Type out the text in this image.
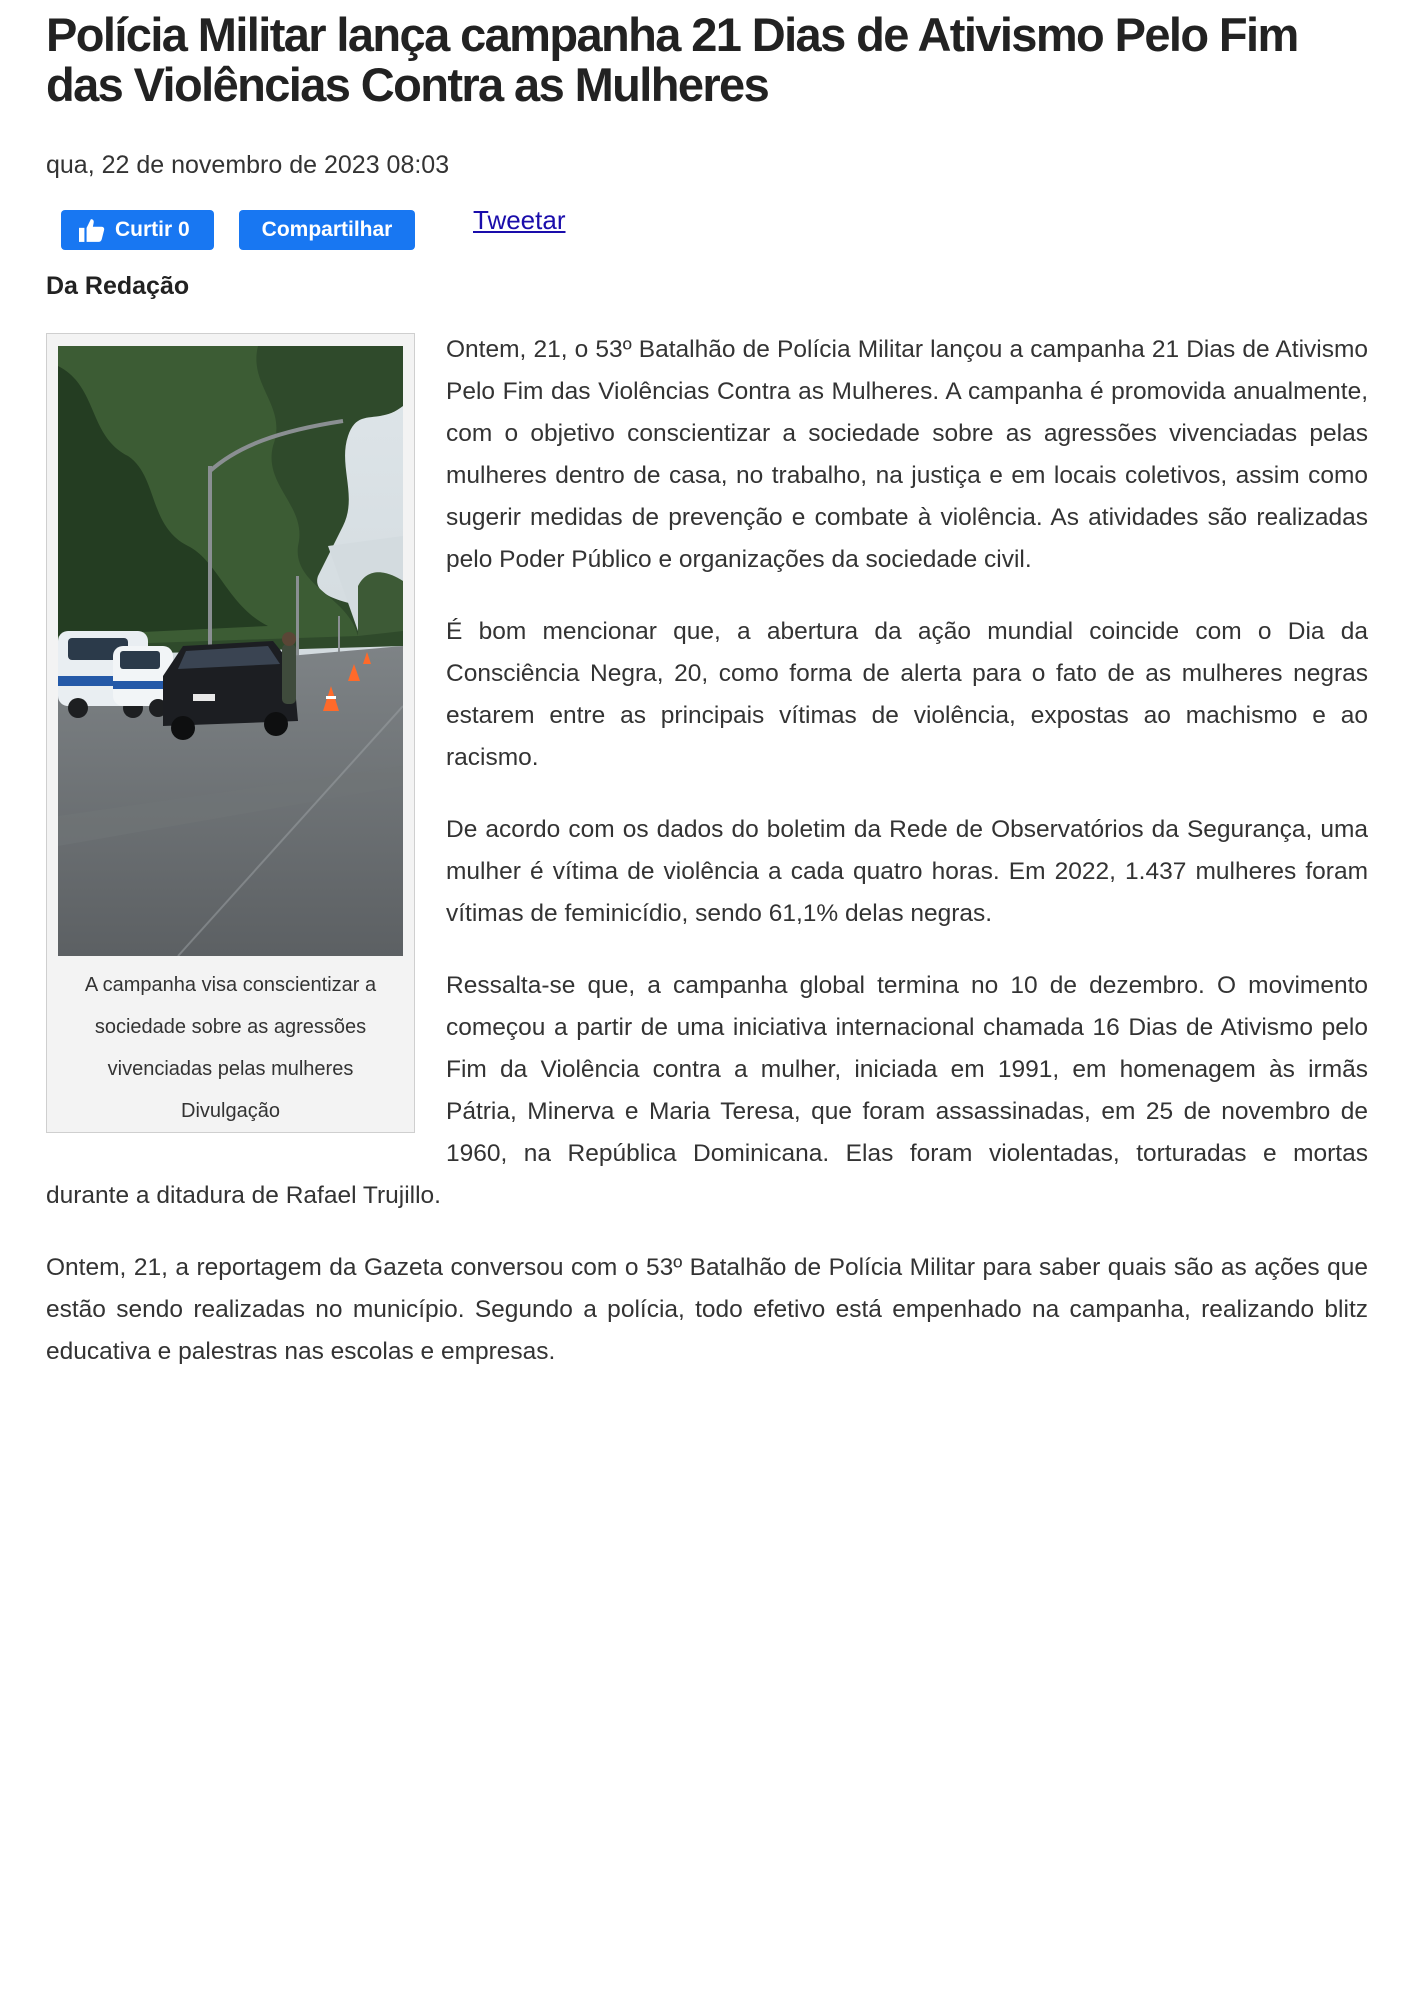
Polícia Militar lança campanha 21 Dias de Ativismo Pelo Fim das Violências Contra as Mulheres
qua, 22 de novembro de 2023 08:03
Curtir 0	Compartilhar	Tweetar
Da Redação
A campanha visa conscientizar a
sociedade sobre as agressões
vivenciadas pelas mulheres
Divulgação

Ontem, 21, o 53º Batalhão de Polícia Militar lançou a campanha 21 Dias de Ativismo Pelo Fim das Violências Contra as Mulheres. A campanha é promovida anualmente, com o objetivo conscientizar a sociedade sobre as agressões vivenciadas pelas mulheres dentro de casa, no trabalho, na justiça e em locais coletivos, assim como sugerir medidas de prevenção e combate à violência. As atividades são realizadas pelo Poder Público e organizações da sociedade civil.

É bom mencionar que, a abertura da ação mundial coincide com o Dia da Consciência Negra, 20, como forma de alerta para o fato de as mulheres negras estarem entre as principais vítimas de violência, expostas ao machismo e ao racismo.

De acordo com os dados do boletim da Rede de Observatórios da Segurança, uma mulher é vítima de violência a cada quatro horas. Em 2022, 1.437 mulheres foram vítimas de feminicídio, sendo 61,1% delas negras.

Ressalta-se que, a campanha global termina no 10 de dezembro. O movimento começou a partir de uma iniciativa internacional chamada 16 Dias de Ativismo pelo Fim da Violência contra a mulher, iniciada em 1991, em homenagem às irmãs Pátria, Minerva e Maria Teresa, que foram assassinadas, em 25 de novembro de 1960, na República Dominicana. Elas foram violentadas, torturadas e mortas durante a ditadura de Rafael Trujillo.

Ontem, 21, a reportagem da Gazeta conversou com o 53º Batalhão de Polícia Militar para saber quais são as ações que estão sendo realizadas no município. Segundo a polícia, todo efetivo está empenhado na campanha, realizando blitz educativa e palestras nas escolas e empresas.
